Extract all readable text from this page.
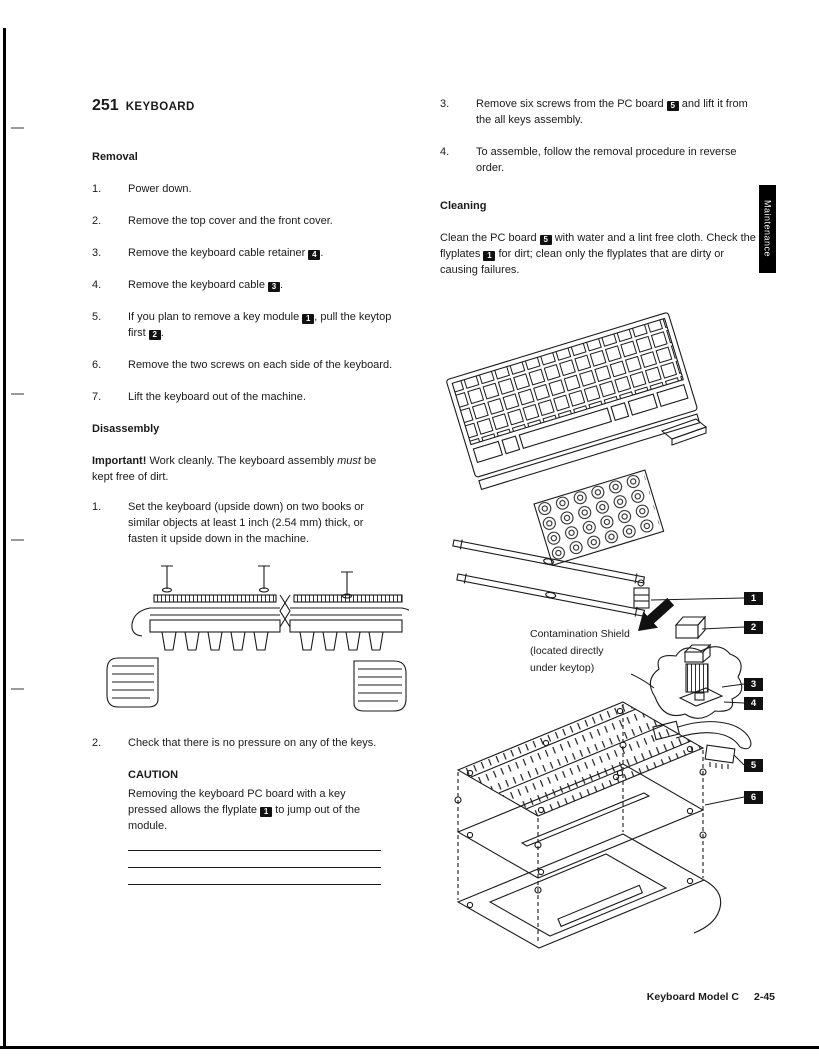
Maintenance
251 KEYBOARD
Removal
1.	Power down.
2.	Remove the top cover and the front cover.
3.	Remove the keyboard cable retainer 4 .
4.	Remove the keyboard cable 3 .
5.	If you plan to remove a key module 1 , pull the keytop first 2 .
6.	Remove the two screws on each side of the keyboard.
7.	Lift the keyboard out of the machine.
Disassembly

Important! Work cleanly. The keyboard assembly must be kept free of dirt.

1.	Set the keyboard (upside down) on two books or similar objects at least 1 inch (2.54 mm) thick, or fasten it upside down in the machine.
2.	Check that there is no pressure on any of the keys.
CAUTION

Removing the keyboard PC board with a key pressed allows the flyplate 1 to jump out of the module.

3.	Remove six screws from the PC board 5 and lift it from the all keys assembly.
4.	To assemble, follow the removal procedure in reverse order.
Cleaning

Clean the PC board 5 with water and a lint free cloth. Check the flyplates 1 for dirt; clean only the flyplates that are dirty or causing failures.

1
2
3
4
5
6
Contamination Shield
(located directly
under keytop)
Keyboard Model C 2-45
